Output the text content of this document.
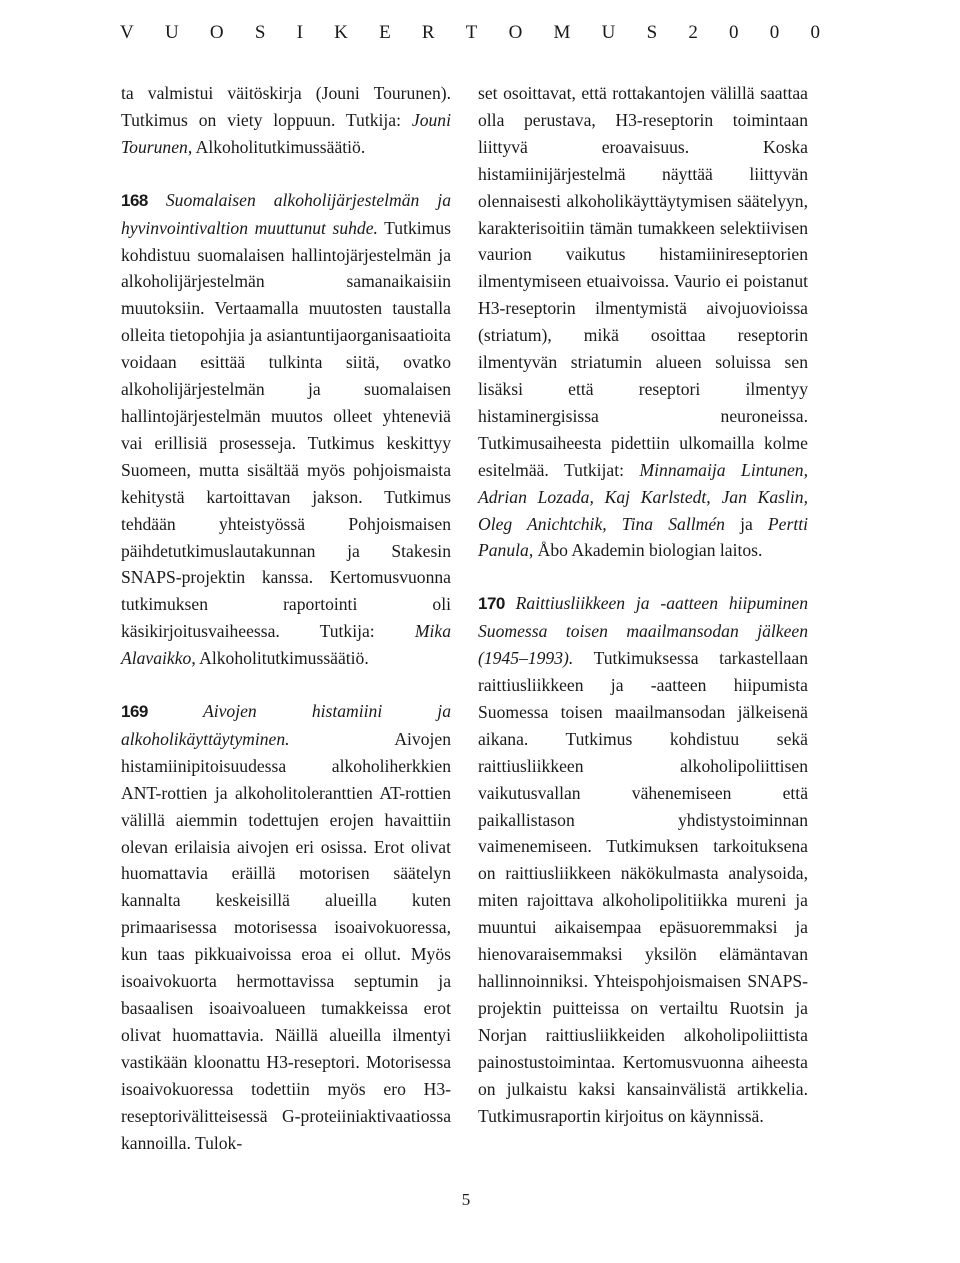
V U O S I K E R T O M U S 2 0 0 0

ta valmistui väitöskirja (Jouni Tourunen). Tutkimus on viety loppuun. Tutkija: Jouni Tourunen, Alkoholitutkimussäätiö.

168 Suomalaisen alkoholijärjestelmän ja hyvinvointivaltion muuttunut suhde. Tutkimus kohdistuu suomalaisen hallintojärjestelmän ja alkoholijärjestelmän samanaikaisiin muutoksiin. Vertaamalla muutosten taustalla olleita tietopohjia ja asiantuntijaorganisaatioita voidaan esittää tulkinta siitä, ovatko alkoholijärjestelmän ja suomalaisen hallintojärjestelmän muutos olleet yhteneviä vai erillisiä prosesseja. Tutkimus keskittyy Suomeen, mutta sisältää myös pohjoismaista kehitystä kartoittavan jakson. Tutkimus tehdään yhteistyössä Pohjoismaisen päihdetutkimuslautakunnan ja Stakesin SNAPS-projektin kanssa. Kertomusvuonna tutkimuksen raportointi oli käsikirjoitusvaiheessa. Tutkija: Mika Alavaikko, Alkoholitutkimussäätiö.

169	Aivojen histamiini ja alkoholikäyttäytyminen. Aivojen histamiinipitoisuudessa alkoholiherkkien ANT-rottien ja alkoholitoleranttien AT-rottien välillä aiemmin todettujen erojen havaittiin olevan erilaisia aivojen eri osissa. Erot olivat huomattavia eräillä motorisen säätelyn kannalta keskeisillä alueilla kuten primaarisessa motorisessa isoaivokuoressa, kun taas pikkuaivoissa eroa ei ollut. Myös isoaivokuorta hermottavissa septumin ja basaalisen isoaivoalueen tumakkeissa erot olivat huomattavia. Näillä alueilla ilmentyi vastikään kloonattu H3-reseptori. Motorisessa isoaivokuoressa todettiin myös ero H3-reseptorivälitteisessä G-proteiiniaktivaatiossa kannoilla. Tulok-

set osoittavat, että rottakantojen välillä saattaa olla perustava, H3-reseptorin toimintaan liittyvä eroavaisuus. Koska histamiinijärjestelmä näyttää liittyvän olennaisesti alkoholikäyttäytymisen säätelyyn, karakterisoitiin tämän tumakkeen selektiivisen vaurion vaikutus histamiinireseptorien ilmentymiseen etuaivoissa. Vaurio ei poistanut H3-reseptorin ilmentymistä aivojuovioissa (striatum), mikä osoittaa reseptorin ilmentyvän striatumin alueen soluissa sen lisäksi että reseptori ilmentyy histaminergisissa neuroneissa. Tutkimusaiheesta pidettiin ulkomailla kolme esitelmää. Tutkijat: Minnamaija Lintunen, Adrian Lozada, Kaj Karlstedt, Jan Kaslin, Oleg Anichtchik, Tina Sallmén ja Pertti Panula, Åbo Akademin biologian laitos.

170 Raittiusliikkeen ja -aatteen hiipuminen Suomessa toisen maailmansodan jälkeen (1945–1993). Tutkimuksessa tarkastellaan raittiusliikkeen ja -aatteen hiipumista Suomessa toisen maailmansodan jälkeisenä aikana. Tutkimus kohdistuu sekä raittiusliikkeen alkoholipoliittisen vaikutusvallan vähenemiseen että paikallistason yhdistystoiminnan vaimenemiseen. Tutkimuksen tarkoituksena on raittiusliikkeen näkökulmasta analysoida, miten rajoittava alkoholipolitiikka mureni ja muuntui aikaisempaa epäsuoremmaksi ja hienovaraisemmaksi yksilön elämäntavan hallinnoinniksi. Yhteispohjoismaisen SNAPS-projektin puitteissa on vertailtu Ruotsin ja Norjan raittiusliikkeiden alkoholipoliittista painostustoimintaa. Kertomusvuonna aiheesta on julkaistu kaksi kansainvälistä artikkelia. Tutkimusraportin kirjoitus on käynnissä.

5
